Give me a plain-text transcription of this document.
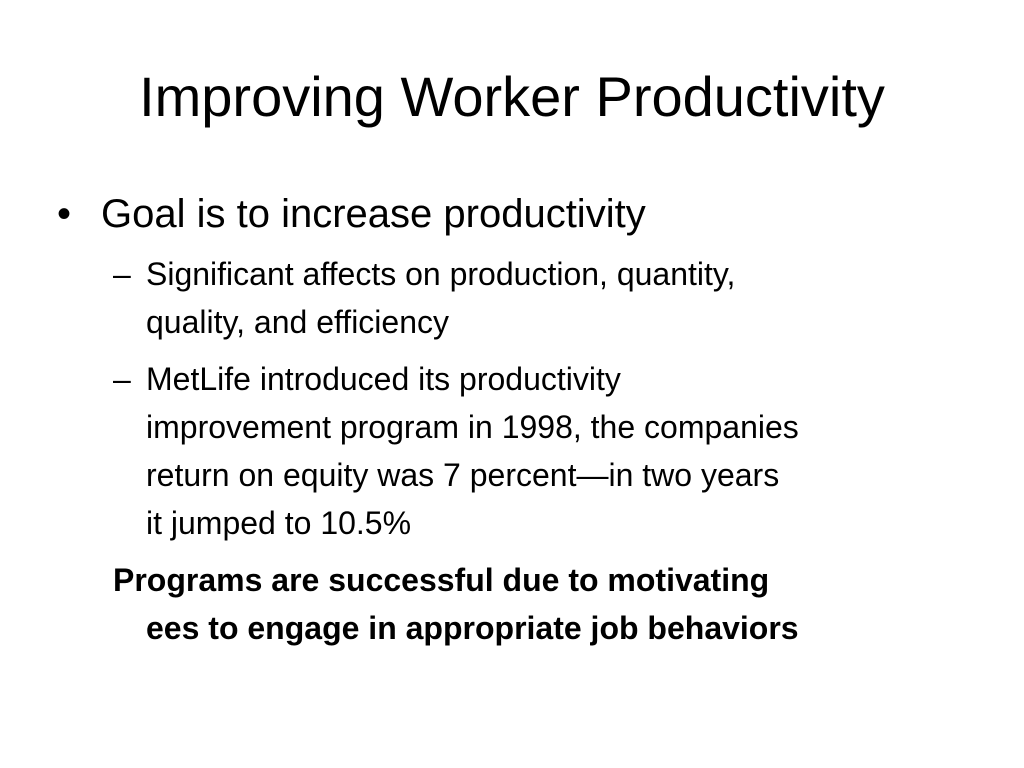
Improving Worker Productivity
• Goal is to increase productivity
– Significant affects on production, quantity,
quality, and efficiency
– MetLife introduced its productivity
improvement program in 1998, the companies
return on equity was 7 percent—in two years
it jumped to 10.5%
Programs are successful due to motivating
ees to engage in appropriate job behaviors
